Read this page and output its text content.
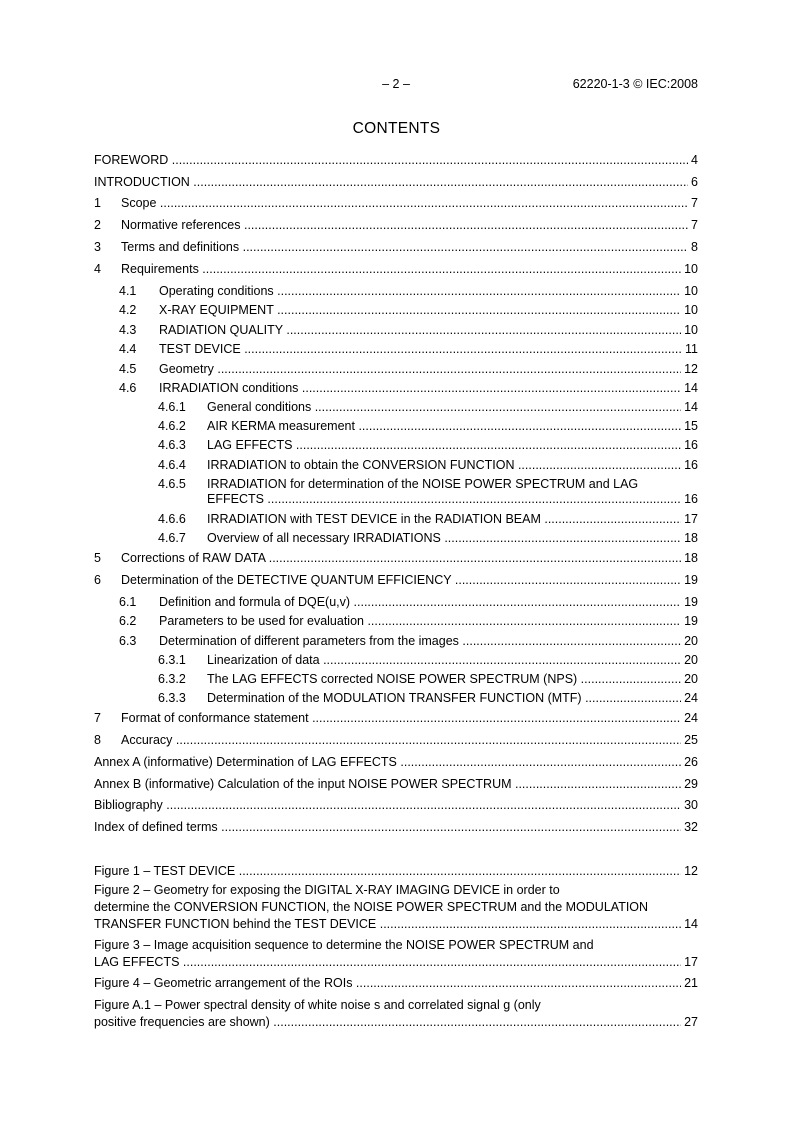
– 2 –	62220-1-3 © IEC:2008
CONTENTS
FOREWORD .....	4
INTRODUCTION .....	6
1 Scope .....	7
2 Normative references .....	7
3 Terms and definitions .....	8
4 Requirements .....	10
4.1 Operating conditions .....	10
4.2 X-RAY EQUIPMENT .....	10
4.3 RADIATION QUALITY .....	10
4.4 TEST DEVICE .....	11
4.5 Geometry .....	12
4.6 IRRADIATION conditions .....	14
4.6.1 General conditions .....	14
4.6.2 AIR KERMA measurement .....	15
4.6.3 LAG EFFECTS .....	16
4.6.4 IRRADIATION to obtain the CONVERSION FUNCTION .....	16
4.6.5 IRRADIATION for determination of the NOISE POWER SPECTRUM and LAG
EFFECTS .....	16
4.6.6 IRRADIATION with TEST DEVICE in the RADIATION BEAM .....	17
4.6.7 Overview of all necessary IRRADIATIONS .....	18
5 Corrections of RAW DATA .....	18
6 Determination of the DETECTIVE QUANTUM EFFICIENCY .....	19
6.1 Definition and formula of DQE(u,v) .....	19
6.2 Parameters to be used for evaluation .....	19
6.3 Determination of different parameters from the images .....	20
6.3.1 Linearization of data .....	20
6.3.2 The LAG EFFECTS corrected NOISE POWER SPECTRUM (NPS) .....	20
6.3.3 Determination of the MODULATION TRANSFER FUNCTION (MTF) .....	24
7 Format of conformance statement .....	24
8 Accuracy .....	25
Annex A (informative) Determination of LAG EFFECTS .....	26
Annex B (informative) Calculation of the input NOISE POWER SPECTRUM .....	29
Bibliography .....	30
Index of defined terms .....	32
Figure 1 – TEST DEVICE .....	12
Figure 2 – Geometry for exposing the DIGITAL X-RAY IMAGING DEVICE in order to
determine the CONVERSION FUNCTION, the NOISE POWER SPECTRUM and the MODULATION
TRANSFER FUNCTION behind the TEST DEVICE .....	14
Figure 3 – Image acquisition sequence to determine the NOISE POWER SPECTRUM and
LAG EFFECTS .....	17
Figure 4 – Geometric arrangement of the ROIs .....	21
Figure A.1 – Power spectral density of white noise s and correlated signal g (only
positive frequencies are shown) .....	27
